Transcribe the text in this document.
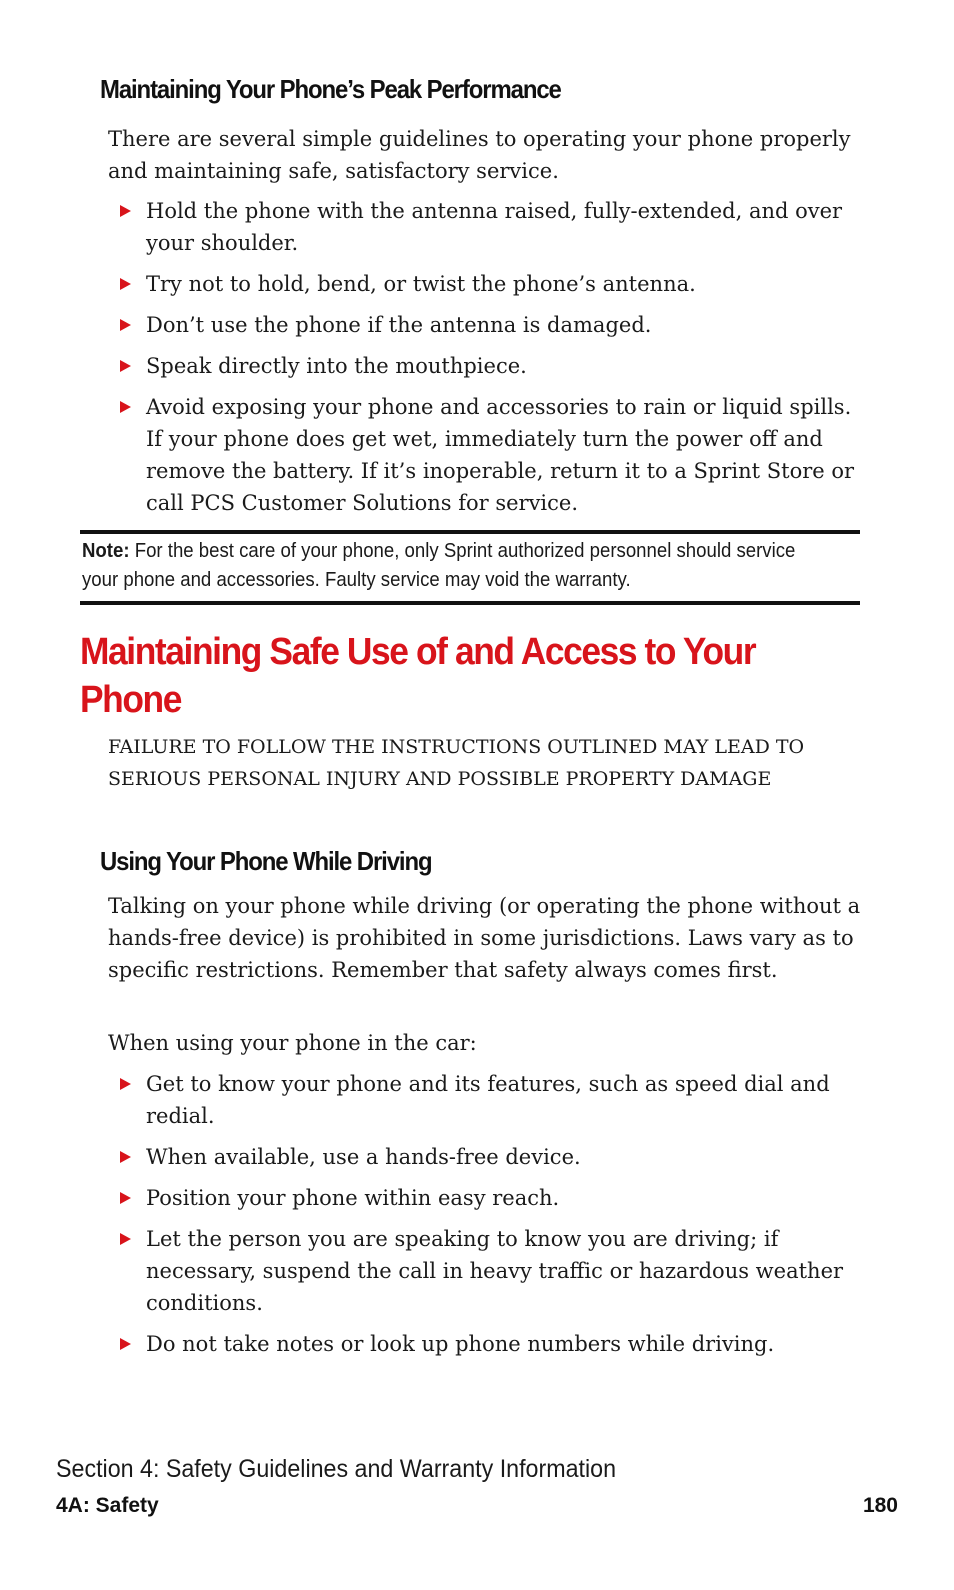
Maintaining Your Phone’s Peak Performance
There are several simple guidelines to operating your phone properly and maintaining safe, satisfactory service.
Hold the phone with the antenna raised, fully-extended, and over your shoulder.
Try not to hold, bend, or twist the phone’s antenna.
Don’t use the phone if the antenna is damaged.
Speak directly into the mouthpiece.
Avoid exposing your phone and accessories to rain or liquid spills. If your phone does get wet, immediately turn the power off and remove the battery. If it’s inoperable, return it to a Sprint Store or call PCS Customer Solutions for service.
Note: For the best care of your phone, only Sprint authorized personnel should service your phone and accessories. Faulty service may void the warranty.
Maintaining Safe Use of and Access to Your Phone
FAILURE TO FOLLOW THE INSTRUCTIONS OUTLINED MAY LEAD TO SERIOUS PERSONAL INJURY AND POSSIBLE PROPERTY DAMAGE
Using Your Phone While Driving
Talking on your phone while driving (or operating the phone without a hands-free device) is prohibited in some jurisdictions. Laws vary as to specific restrictions. Remember that safety always comes first.
When using your phone in the car:
Get to know your phone and its features, such as speed dial and redial.
When available, use a hands-free device.
Position your phone within easy reach.
Let the person you are speaking to know you are driving; if necessary, suspend the call in heavy traffic or hazardous weather conditions.
Do not take notes or look up phone numbers while driving.
Section 4: Safety Guidelines and Warranty Information
4A: Safety	180
